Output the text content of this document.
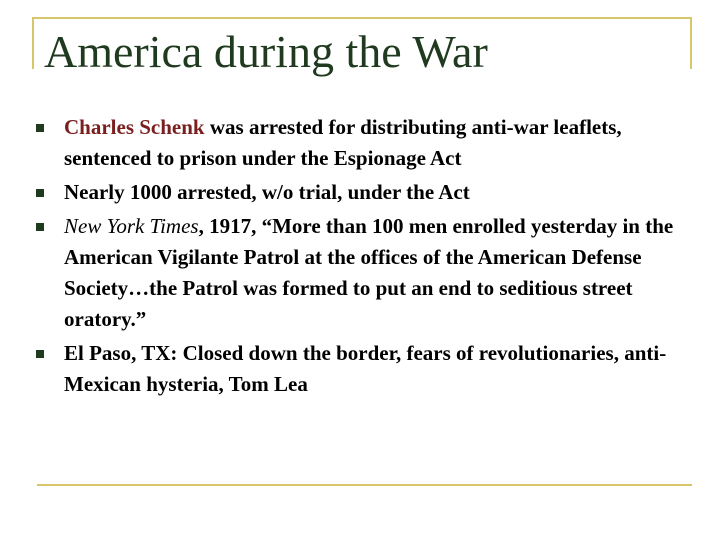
America during the War
Charles Schenk was arrested for distributing anti-war leaflets, sentenced to prison under the Espionage Act
Nearly 1000 arrested, w/o trial, under the Act
New York Times, 1917, “More than 100 men enrolled yesterday in the American Vigilante Patrol at the offices of the American Defense Society…the Patrol was formed to put an end to seditious street oratory.”
El Paso, TX: Closed down the border, fears of revolutionaries, anti-Mexican hysteria, Tom Lea
